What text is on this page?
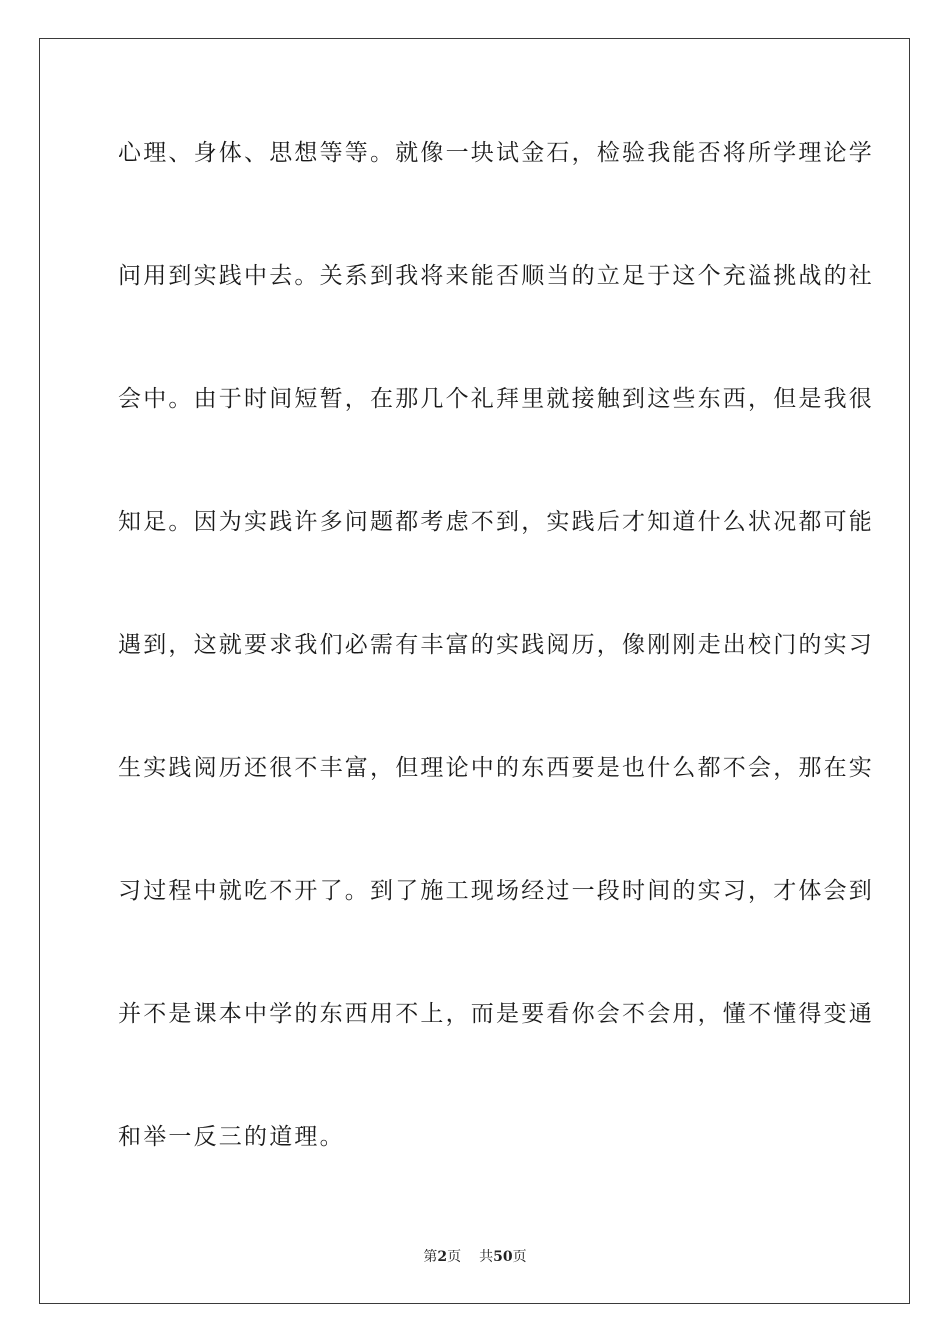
心理、身体、思想等等。就像一块试金石，检验我能否将所学理论学
问用到实践中去。关系到我将来能否顺当的立足于这个充溢挑战的社
会中。由于时间短暂，在那几个礼拜里就接触到这些东西，但是我很
知足。因为实践许多问题都考虑不到，实践后才知道什么状况都可能
遇到，这就要求我们必需有丰富的实践阅历，像刚刚走出校门的实习
生实践阅历还很不丰富，但理论中的东西要是也什么都不会，那在实
习过程中就吃不开了。到了施工现场经过一段时间的实习，才体会到
并不是课本中学的东西用不上，而是要看你会不会用，懂不懂得变通
和举一反三的道理。
第2页 共50页
